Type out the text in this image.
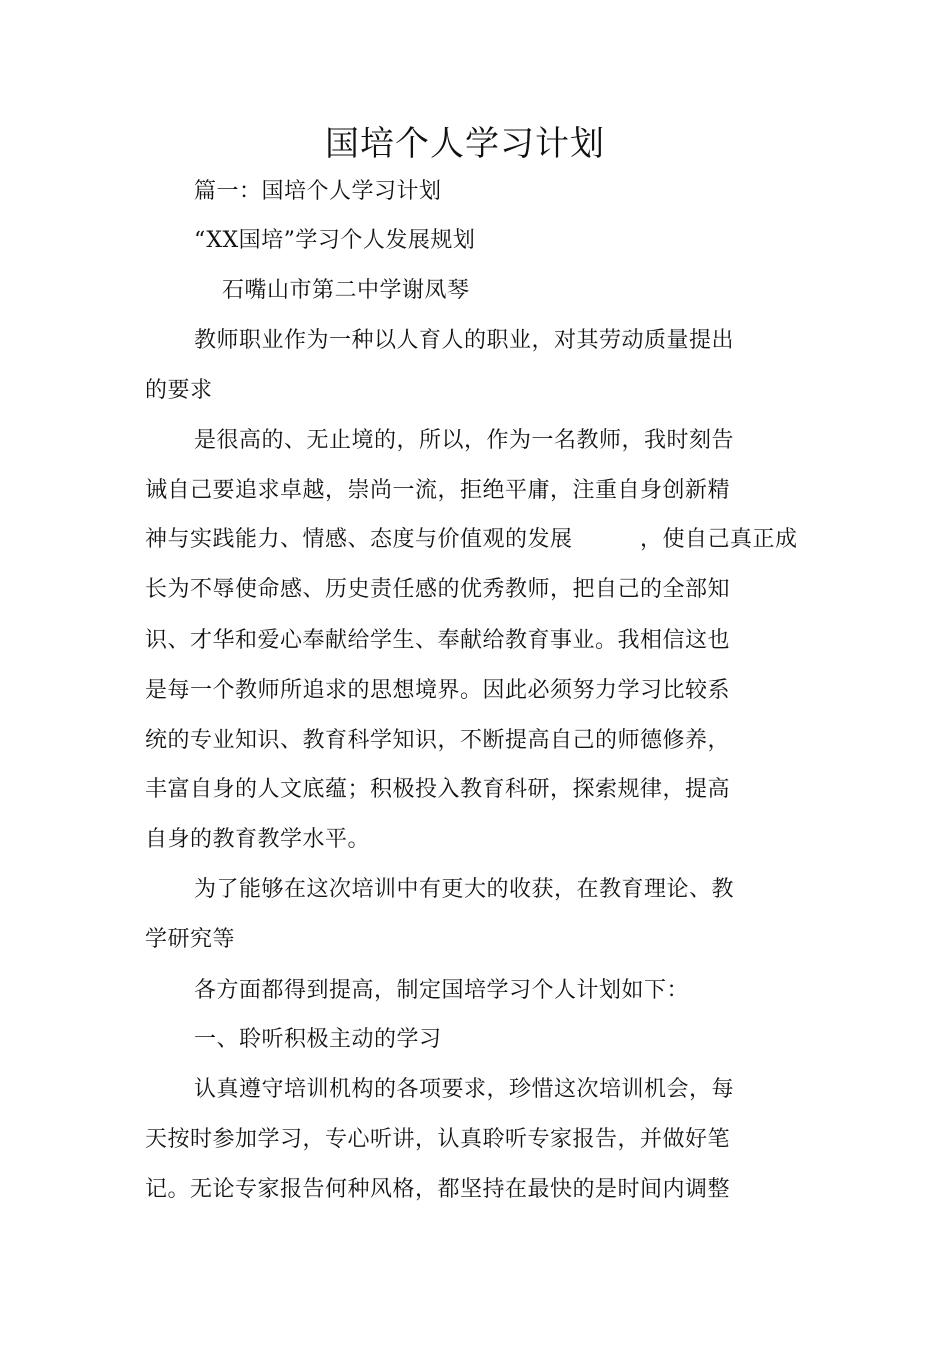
国培个人学习计划
篇一：国培个人学习计划
“XX国培”学习个人发展规划
石嘴山市第二中学谢凤琴
教师职业作为一种以人育人的职业，对其劳动质量提出
的要求
是很高的、无止境的，所以，作为一名教师，我时刻告
诫自己要追求卓越，崇尚一流，拒绝平庸，注重自身创新精
神与实践能力、情感、态度与价值观的发展　　　，使自己真正成
长为不辱使命感、历史责任感的优秀教师，把自己的全部知
识、才华和爱心奉献给学生、奉献给教育事业。我相信这也
是每一个教师所追求的思想境界。因此必须努力学习比较系
统的专业知识、教育科学知识，不断提高自己的师德修养，
丰富自身的人文底蕴；积极投入教育科研，探索规律，提高
自身的教育教学水平。
为了能够在这次培训中有更大的收获，在教育理论、教
学研究等
各方面都得到提高，制定国培学习个人计划如下：
一、聆听积极主动的学习
认真遵守培训机构的各项要求，珍惜这次培训机会，每
天按时参加学习，专心听讲，认真聆听专家报告，并做好笔
记。无论专家报告何种风格，都坚持在最快的是时间内调整
